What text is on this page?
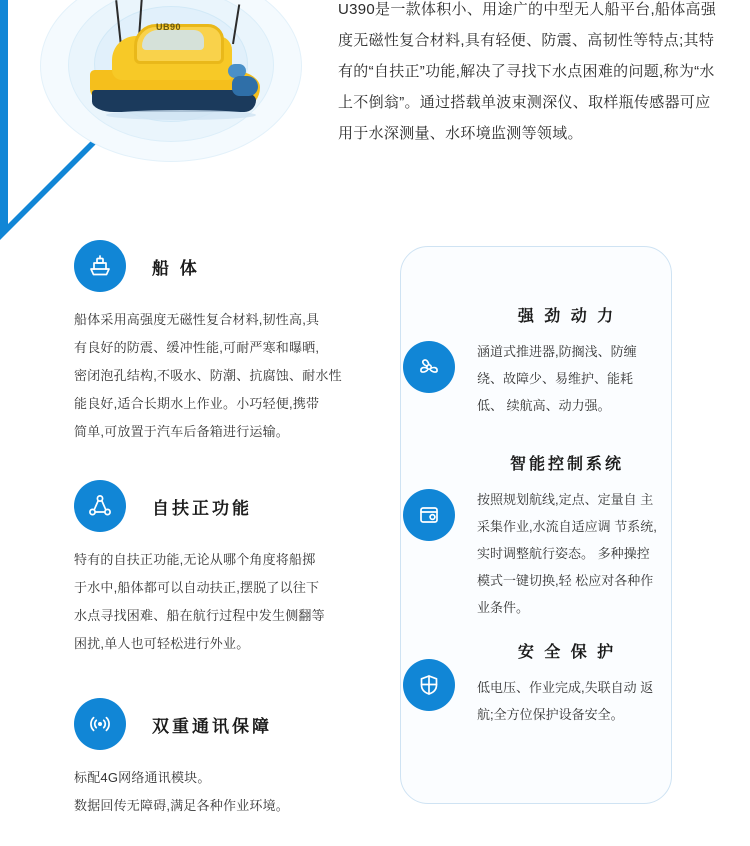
UB90
U390是一款体积小、用途广的中型无人船平台,船体高强度无磁性复合材料,具有轻便、防震、高韧性等特点;其特有的“自扶正”功能,解决了寻找下水点困难的问题,称为“水上不倒翁”。通过搭载单波束测深仪、取样瓶传感器可应用于水深测量、水环境监测等领域。
船 体
船体采用高强度无磁性复合材料,韧性高,具
有良好的防震、缓冲性能,可耐严寒和曝晒,
密闭泡孔结构,不吸水、防潮、抗腐蚀、耐水性
能良好,适合长期水上作业。小巧轻便,携带
简单,可放置于汽车后备箱进行运输。
自扶正功能
特有的自扶正功能,无论从哪个角度将船掷
于水中,船体都可以自动扶正,摆脱了以往下
水点寻找困难、船在航行过程中发生侧翻等
困扰,单人也可轻松进行外业。
双重通讯保障
标配4G网络通讯模块。
数据回传无障碍,满足各种作业环境。
强 劲 动 力
涵道式推进器,防搁浅、防缠 绕、故障少、易维护、能耗低、 续航高、动力强。
智能控制系统
按照规划航线,定点、定量自 主采集作业,水流自适应调 节系统,实时调整航行姿态。 多种操控模式一键切换,轻 松应对各种作业条件。
安 全 保 护
低电压、作业完成,失联自动 返航;全方位保护设备安全。
